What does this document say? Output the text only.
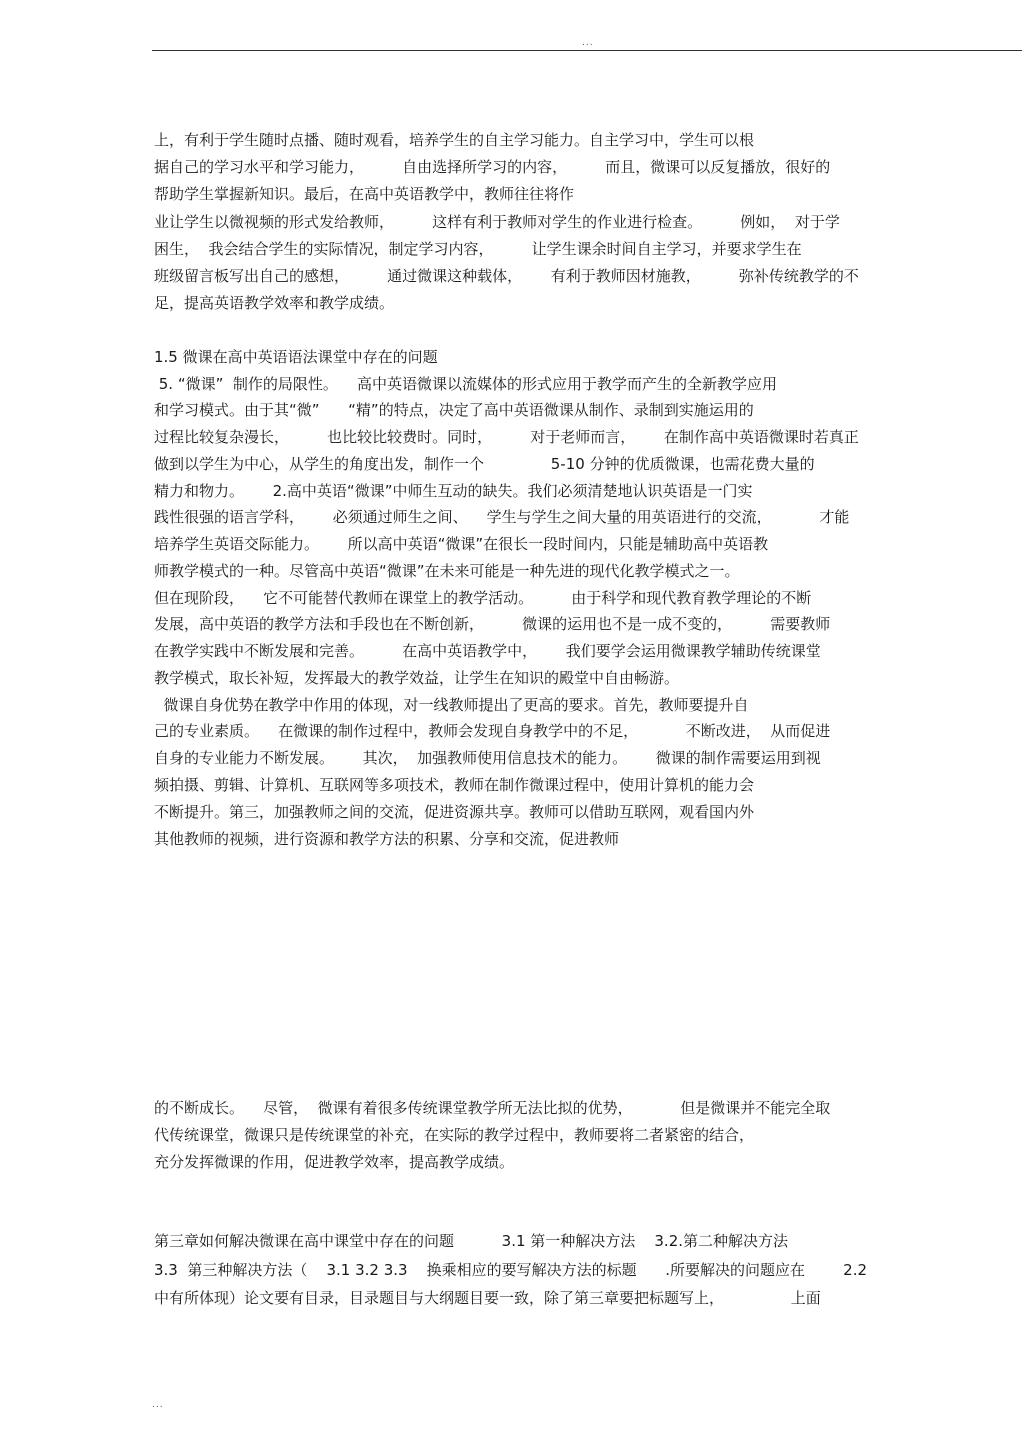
...
上，有利于学生随时点播、随时观看，培养学生的自主学习能力。自主学习中，学生可以根
据自己的学习水平和学习能力，        自由选择所学习的内容，        而且，微课可以反复播放，很好的
帮助学生掌握新知识。最后，在高中英语教学中，教师往往将作
业让学生以微视频的形式发给教师，        这样有利于教师对学生的作业进行检查。        例如，  对于学
困生，  我会结合学生的实际情况，制定学习内容，        让学生课余时间自主学习，并要求学生在
班级留言板写出自己的感想，        通过微课这种载体，      有利于教师因材施教，        弥补传统教学的不
足，提高英语教学效率和教学成绩。
1.5 微课在高中英语语法课堂中存在的问题
5. “微课”  制作的局限性。    高中英语微课以流媒体的形式应用于教学而产生的全新教学应用
和学习模式。由于其“微”      “精”的特点，决定了高中英语微课从制作、录制到实施运用的
过程比较复杂漫长，        也比较比较费时。同时，        对于老师而言，      在制作高中英语微课时若真正
做到以学生为中心，从学生的角度出发，制作一个              5-10 分钟的优质微课，也需花费大量的
精力和物力。      2.高中英语“微课”中师生互动的缺失。我们必须清楚地认识英语是一门实
践性很强的语言学科，      必须通过师生之间、    学生与学生之间大量的用英语进行的交流，          才能
培养学生英语交际能力。      所以高中英语“微课”在很长一段时间内，只能是辅助高中英语教
师教学模式的一种。尽管高中英语“微课”在未来可能是一种先进的现代化教学模式之一。
但在现阶段，    它不可能替代教师在课堂上的教学活动。        由于科学和现代教育教学理论的不断
发展，高中英语的教学方法和手段也在不断创新，        微课的运用也不是一成不变的，        需要教师
在教学实践中不断发展和完善。        在高中英语教学中，      我们要学会运用微课教学辅助传统课堂
教学模式，取长补短，发挥最大的教学效益，让学生在知识的殿堂中自由畅游。
微课自身优势在教学中作用的体现，对一线教师提出了更高的要求。首先，教师要提升自
己的专业素质。    在微课的制作过程中，教师会发现自身教学中的不足，          不断改进，  从而促进
自身的专业能力不断发展。      其次，  加强教师使用信息技术的能力。      微课的制作需要运用到视
频拍摄、剪辑、计算机、互联网等多项技术，教师在制作微课过程中，使用计算机的能力会
不断提升。第三，加强教师之间的交流，促进资源共享。教师可以借助互联网，观看国内外
其他教师的视频，进行资源和教学方法的积累、分享和交流，促进教师
的不断成长。    尽管，  微课有着很多传统课堂教学所无法比拟的优势，          但是微课并不能完全取
代传统课堂，微课只是传统课堂的补充，在实际的教学过程中，教师要将二者紧密的结合，
充分发挥微课的作用，促进教学效率，提高教学成绩。
第三章如何解决微课在高中课堂中存在的问题          3.1 第一种解决方法    3.2.第二种解决方法
3.3  第三种解决方法（    3.1 3.2 3.3    换乘相应的要写解决方法的标题      .所要解决的问题应在        2.2
中有所体现）论文要有目录，目录题目与大纲题目要一致，除了第三章要把标题写上，              上面
...
